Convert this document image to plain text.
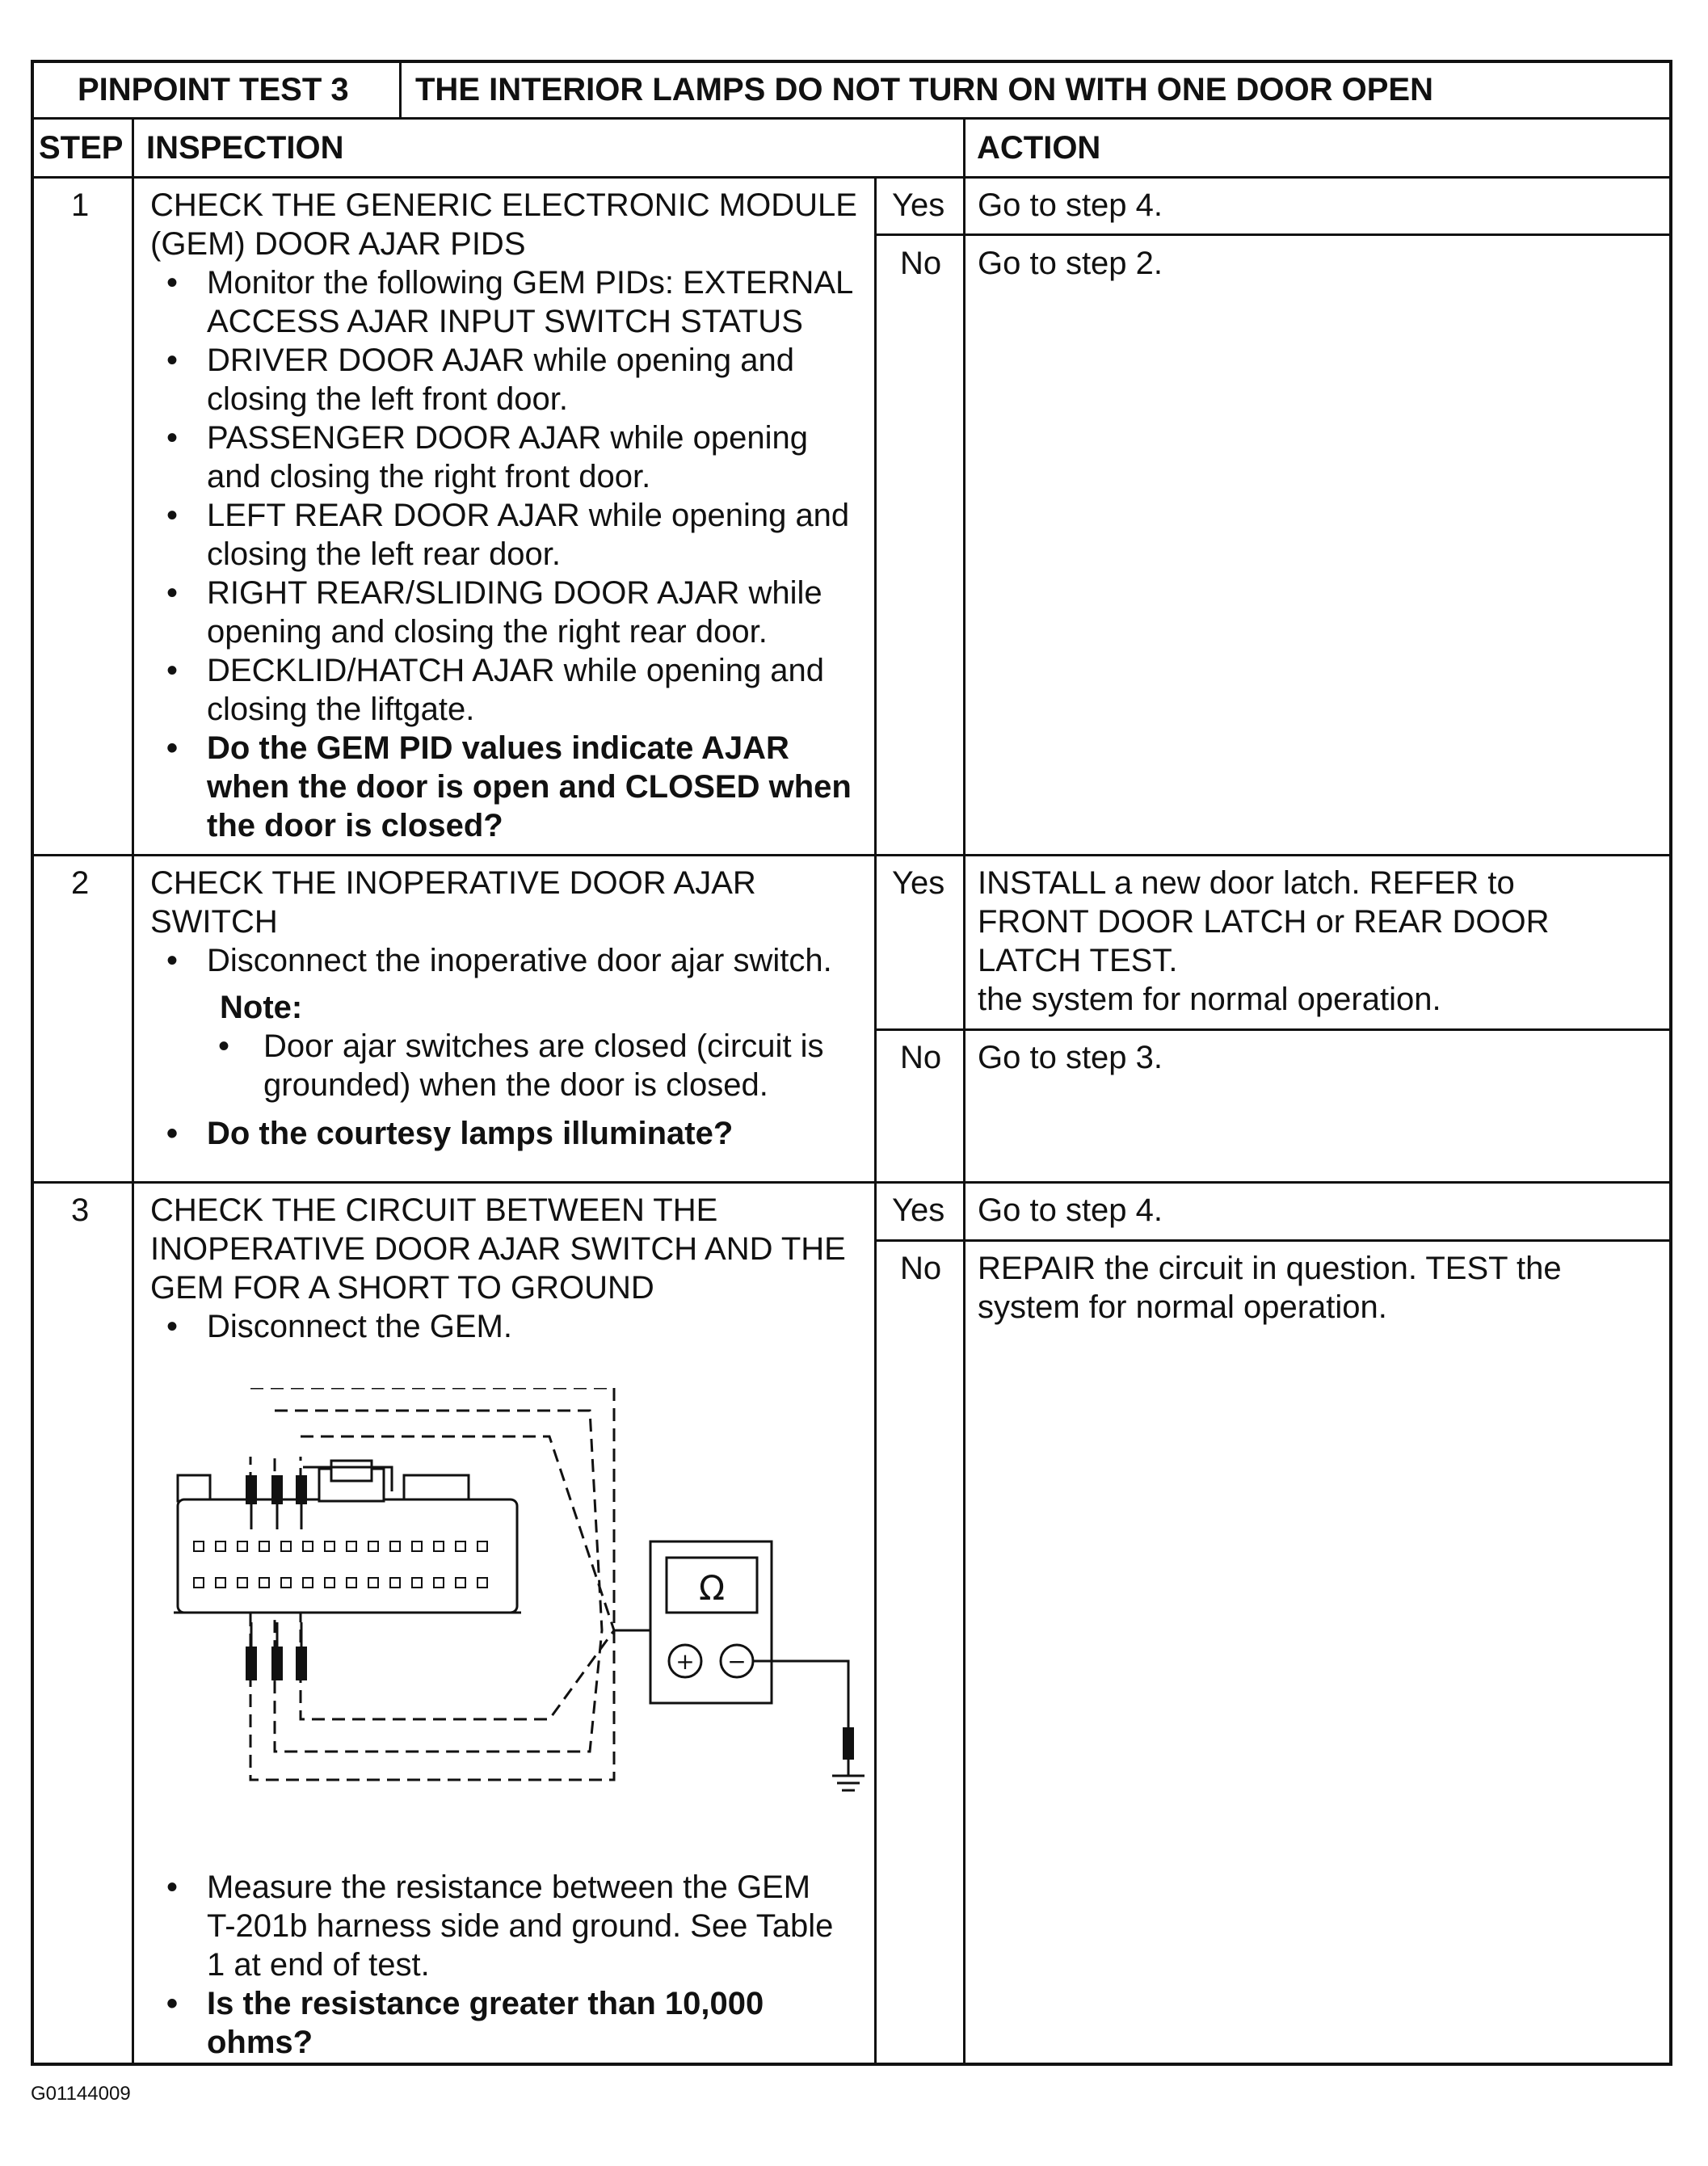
PINPOINT TEST 3 THE INTERIOR LAMPS DO NOT TURN ON WITH ONE DOOR OPEN
STEP INSPECTION	ACTION
1 CHECK THE GENERIC ELECTRONIC MODULE
(GEM) DOOR AJAR PIDS
• Monitor the following GEM PIDs: EXTERNAL
ACCESS AJAR INPUT SWITCH STATUS
• DRIVER DOOR AJAR while opening and
closing the left front door.
• PASSENGER DOOR AJAR while opening
and closing the right front door.
• LEFT REAR DOOR AJAR while opening and
closing the left rear door.
• RIGHT REAR/SLIDING DOOR AJAR while
opening and closing the right rear door.
• DECKLID/HATCH AJAR while opening and
closing the liftgate.
• Do the GEM PID values indicate AJAR
when the door is open and CLOSED when
the door is closed?
Yes Go to step 4.
No Go to step 2.
2 CHECK THE INOPERATIVE DOOR AJAR
SWITCH
• Disconnect the inoperative door ajar switch.
Note:
• Door ajar switches are closed (circuit is
grounded) when the door is closed.
• Do the courtesy lamps illuminate?
Yes INSTALL a new door latch. REFER to
FRONT DOOR LATCH or REAR DOOR
LATCH TEST.
the system for normal operation.
No Go to step 3.
3 CHECK THE CIRCUIT BETWEEN THE
INOPERATIVE DOOR AJAR SWITCH AND THE
GEM FOR A SHORT TO GROUND
• Disconnect the GEM.
• Measure the resistance between the GEM
T-201b harness side and ground. See Table
1 at end of test.
• Is the resistance greater than 10,000
ohms?
Yes Go to step 4.
No REPAIR the circuit in question. TEST the
system for normal operation.
Ω
+ −
G01144009
